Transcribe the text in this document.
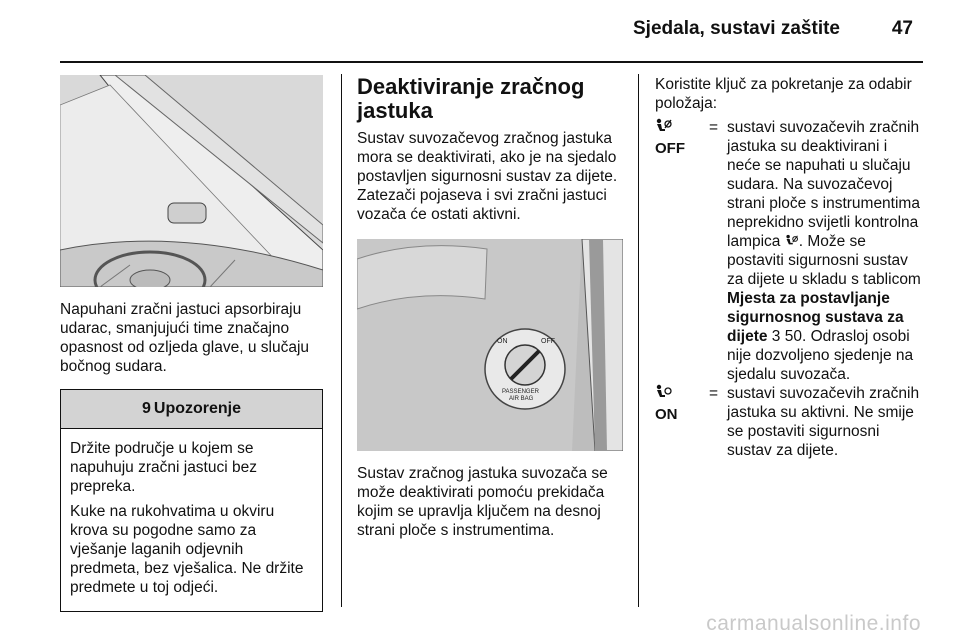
Sjedala, sustavi zaštite	47

Napuhani zračni jastuci apsorbiraju udarac, smanjujući time značajno opasnost od ozljeda glave, u slučaju bočnog sudara.

9 Upozorenje

Držite područje u kojem se napuhuju zračni jastuci bez prepreka.

Kuke na rukohvatima u okviru krova su pogodne samo za vješanje laganih odjevnih predmeta, bez vješalica. Ne držite predmete u toj odjeći.

Deaktiviranje zračnog jastuka

Sustav suvozačevog zračnog jastuka mora se deaktivirati, ako je na sjedalo postavljen sigurnosni sustav za dijete. Zatezači pojaseva i svi zračni jastuci vozača će ostati aktivni.

ON	OFF
PASSENGER
AIR BAG

Sustav zračnog jastuka suvozača se može deaktivirati pomoću prekidača kojim se upravlja ključem na desnoj strani ploče s instrumentima.

Koristite ključ za pokretanje za odabir položaja:

OFF
= sustavi suvozačevih zračnih jastuka su deaktivirani i neće se napuhati u slučaju sudara. Na suvozačevoj strani ploče s instrumentima neprekidno svijetli kontrolna lampica . Može se postaviti sigurnosni sustav za dijete u skladu s tablicom Mjesta za postavljanje sigurnosnog sustava za dijete 3 50. Odrasloj osobi nije dozvoljeno sjedenje na sjedalu suvozača.
ON
= sustavi suvozačevih zračnih jastuka su aktivni. Ne smije se postaviti sigurnosni sustav za dijete.
carmanualsonline.info
